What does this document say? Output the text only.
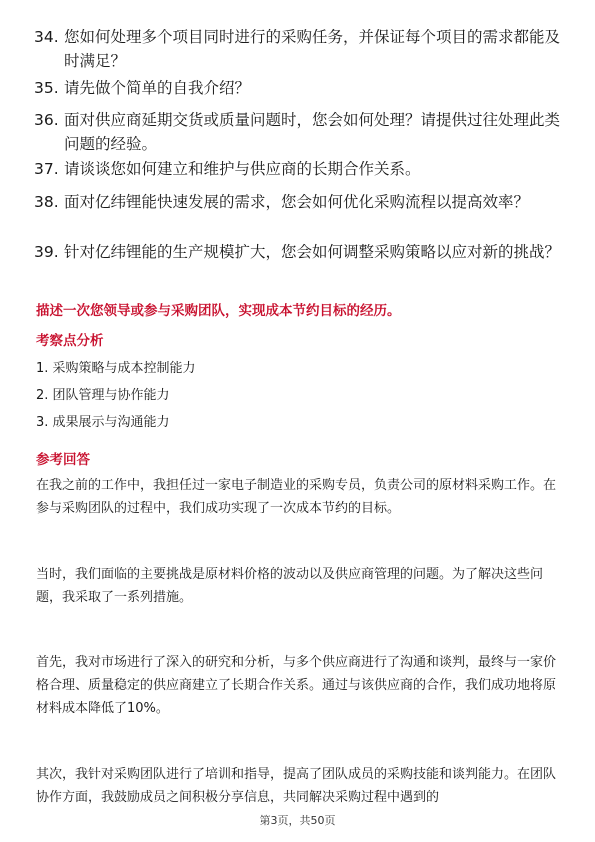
34. 您如何处理多个项目同时进行的采购任务，并保证每个项目的需求都能及时满足？
35. 请先做个简单的自我介绍？
36. 面对供应商延期交货或质量问题时，您会如何处理？请提供过往处理此类问题的经验。
37. 请谈谈您如何建立和维护与供应商的长期合作关系。
38. 面对亿纬锂能快速发展的需求，您会如何优化采购流程以提高效率？
39. 针对亿纬锂能的生产规模扩大，您会如何调整采购策略以应对新的挑战？
描述一次您领导或参与采购团队，实现成本节约目标的经历。
考察点分析
1. 采购策略与成本控制能力
2. 团队管理与协作能力
3. 成果展示与沟通能力
参考回答
在我之前的工作中，我担任过一家电子制造业的采购专员，负责公司的原材料采购工作。在参与采购团队的过程中，我们成功实现了一次成本节约的目标。
当时，我们面临的主要挑战是原材料价格的波动以及供应商管理的问题。为了解决这些问题，我采取了一系列措施。
首先，我对市场进行了深入的研究和分析，与多个供应商进行了沟通和谈判，最终与一家价格合理、质量稳定的供应商建立了长期合作关系。通过与该供应商的合作，我们成功地将原材料成本降低了10%。
其次，我针对采购团队进行了培训和指导，提高了团队成员的采购技能和谈判能力。在团队协作方面，我鼓励成员之间积极分享信息，共同解决采购过程中遇到的
第3页，共50页
